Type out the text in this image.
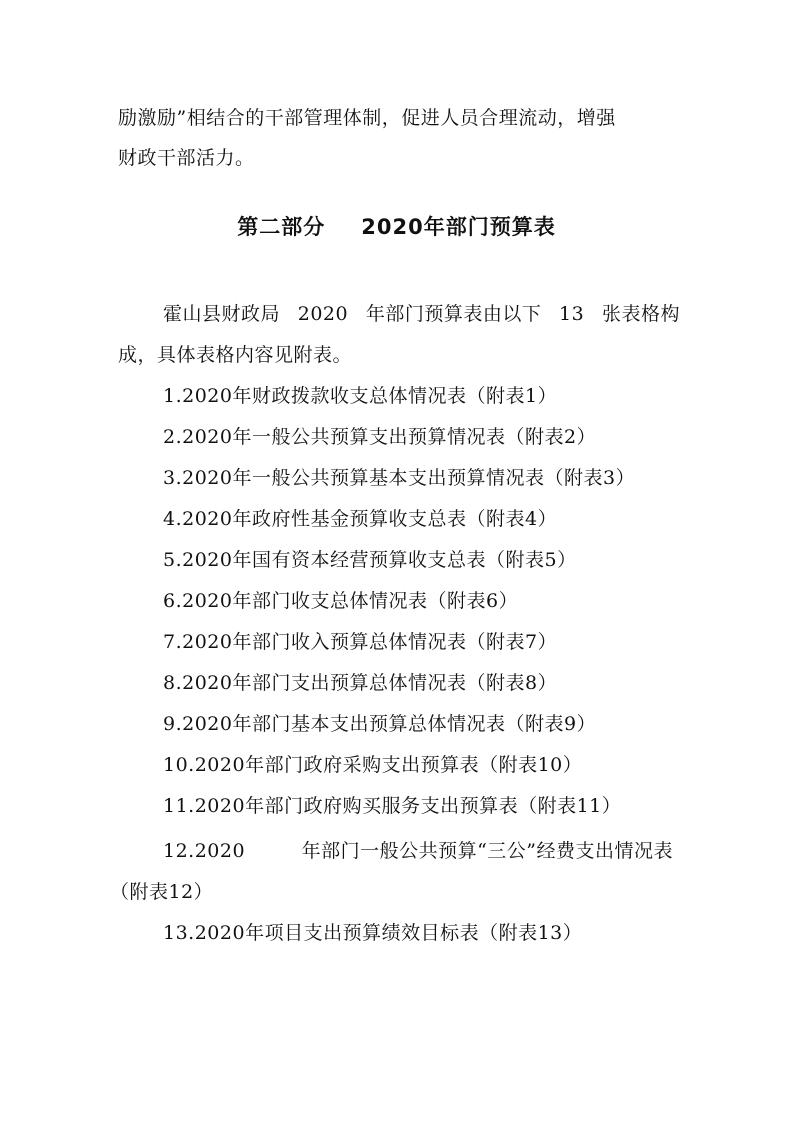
励激励”相结合的干部管理体制，促进人员合理流动，增强
财政干部活力。
第二部分 2020年部门预算表
霍山县财政局 2020 年部门预算表由以下 13 张表格构
成，具体表格内容见附表。
1.2020年财政拨款收支总体情况表（附表1）
2.2020年一般公共预算支出预算情况表（附表2）
3.2020年一般公共预算基本支出预算情况表（附表3）
4.2020年政府性基金预算收支总表（附表4）
5.2020年国有资本经营预算收支总表（附表5）
6.2020年部门收支总体情况表（附表6）
7.2020年部门收入预算总体情况表（附表7）
8.2020年部门支出预算总体情况表（附表8）
9.2020年部门基本支出预算总体情况表（附表9）
10.2020年部门政府采购支出预算表（附表10）
11.2020年部门政府购买服务支出预算表（附表11）
12.2020	年部门一般公共预算“三公”经费支出情况表
（附表12）
13.2020年项目支出预算绩效目标表（附表13）
